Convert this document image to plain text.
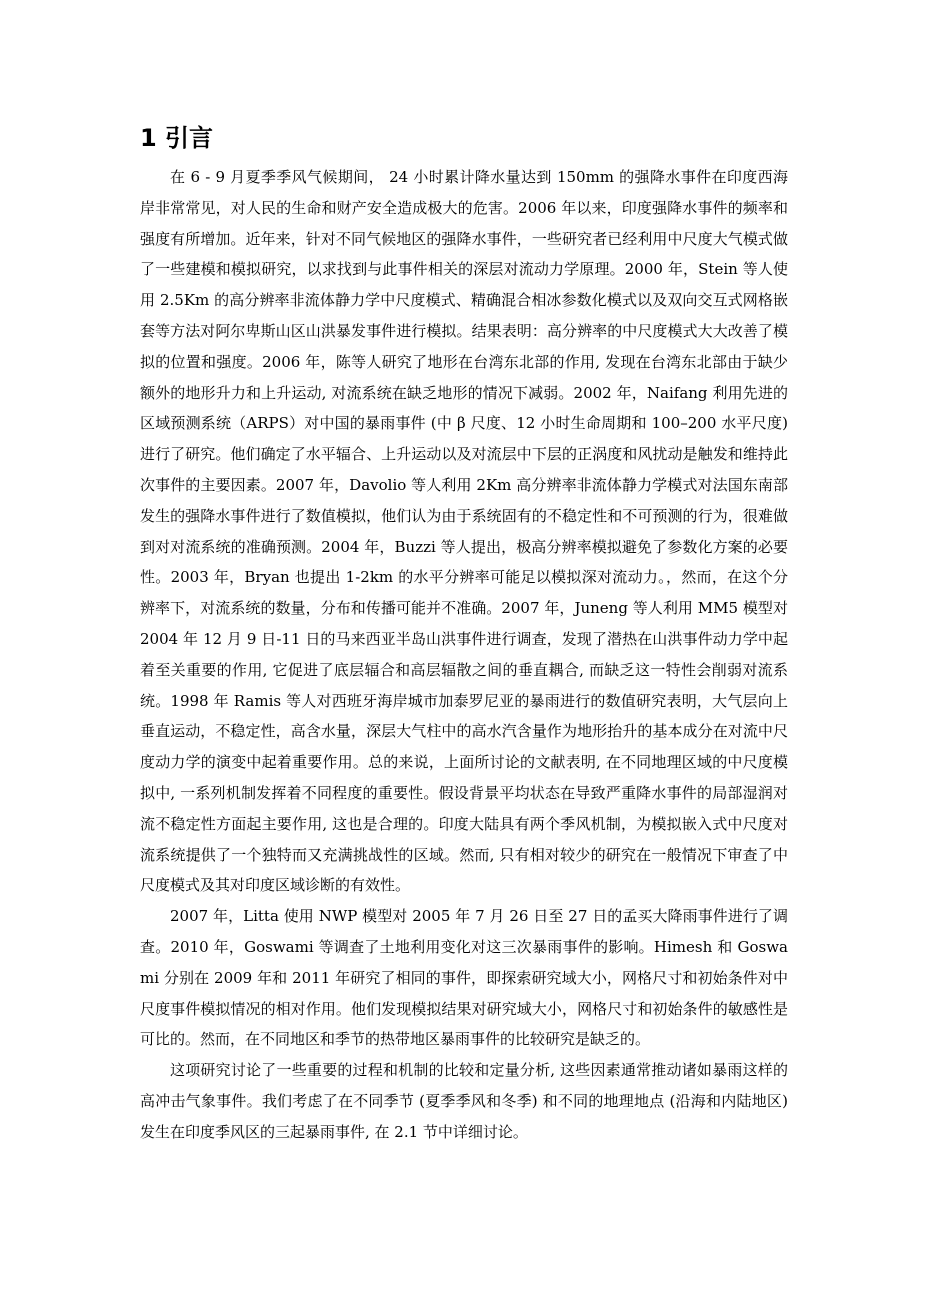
1 引言

在 6 - 9 月夏季季风气候期间， 24 小时累计降水量达到 150mm 的强降水事件在印度西海岸非常常见，对人民的生命和财产安全造成极大的危害。2006 年以来，印度强降水事件的频率和强度有所增加。近年来，针对不同气候地区的强降水事件，一些研究者已经利用中尺度大气模式做了一些建模和模拟研究，以求找到与此事件相关的深层对流动力学原理。2000 年，Stein 等人使用 2.5Km 的高分辨率非流体静力学中尺度模式、精确混合相冰参数化模式以及双向交互式网格嵌套等方法对阿尔卑斯山区山洪暴发事件进行模拟。结果表明：高分辨率的中尺度模式大大改善了模拟的位置和强度。2006 年，陈等人研究了地形在台湾东北部的作用, 发现在台湾东北部由于缺少额外的地形升力和上升运动, 对流系统在缺乏地形的情况下减弱。2002 年，Naifang 利用先进的区域预测系统（ARPS）对中国的暴雨事件 (中 β 尺度、12 小时生命周期和 100–200 水平尺度) 进行了研究。他们确定了水平辐合、上升运动以及对流层中下层的正涡度和风扰动是触发和维持此次事件的主要因素。2007 年，Davolio 等人利用 2Km 高分辨率非流体静力学模式对法国东南部发生的强降水事件进行了数值模拟，他们认为由于系统固有的不稳定性和不可预测的行为，很难做到对对流系统的准确预测。2004 年，Buzzi 等人提出，极高分辨率模拟避免了参数化方案的必要性。2003 年，Bryan 也提出 1-2km 的水平分辨率可能足以模拟深对流动力。，然而，在这个分辨率下，对流系统的数量，分布和传播可能并不准确。2007 年，Juneng 等人利用 MM5 模型对 2004 年 12 月 9 日-11 日的马来西亚半岛山洪事件进行调查，发现了潜热在山洪事件动力学中起着至关重要的作用, 它促进了底层辐合和高层辐散之间的垂直耦合, 而缺乏这一特性会削弱对流系统。1998 年 Ramis 等人对西班牙海岸城市加泰罗尼亚的暴雨进行的数值研究表明，大气层向上垂直运动，不稳定性，高含水量，深层大气柱中的高水汽含量作为地形抬升的基本成分在对流中尺度动力学的演变中起着重要作用。总的来说，上面所讨论的文献表明, 在不同地理区域的中尺度模拟中, 一系列机制发挥着不同程度的重要性。假设背景平均状态在导致严重降水事件的局部湿润对流不稳定性方面起主要作用, 这也是合理的。印度大陆具有两个季风机制，为模拟嵌入式中尺度对流系统提供了一个独特而又充满挑战性的区域。然而, 只有相对较少的研究在一般情况下审查了中尺度模式及其对印度区域诊断的有效性。

2007 年，Litta 使用 NWP 模型对 2005 年 7 月 26 日至 27 日的孟买大降雨事件进行了调查。2010 年，Goswami 等调查了土地利用变化对这三次暴雨事件的影响。Himesh 和 Goswami 分别在 2009 年和 2011 年研究了相同的事件，即探索研究域大小，网格尺寸和初始条件对中尺度事件模拟情况的相对作用。他们发现模拟结果对研究域大小，网格尺寸和初始条件的敏感性是可比的。然而，在不同地区和季节的热带地区暴雨事件的比较研究是缺乏的。

这项研究讨论了一些重要的过程和机制的比较和定量分析, 这些因素通常推动诸如暴雨这样的高冲击气象事件。我们考虑了在不同季节 (夏季季风和冬季) 和不同的地理地点 (沿海和内陆地区) 发生在印度季风区的三起暴雨事件, 在 2.1 节中详细讨论。
